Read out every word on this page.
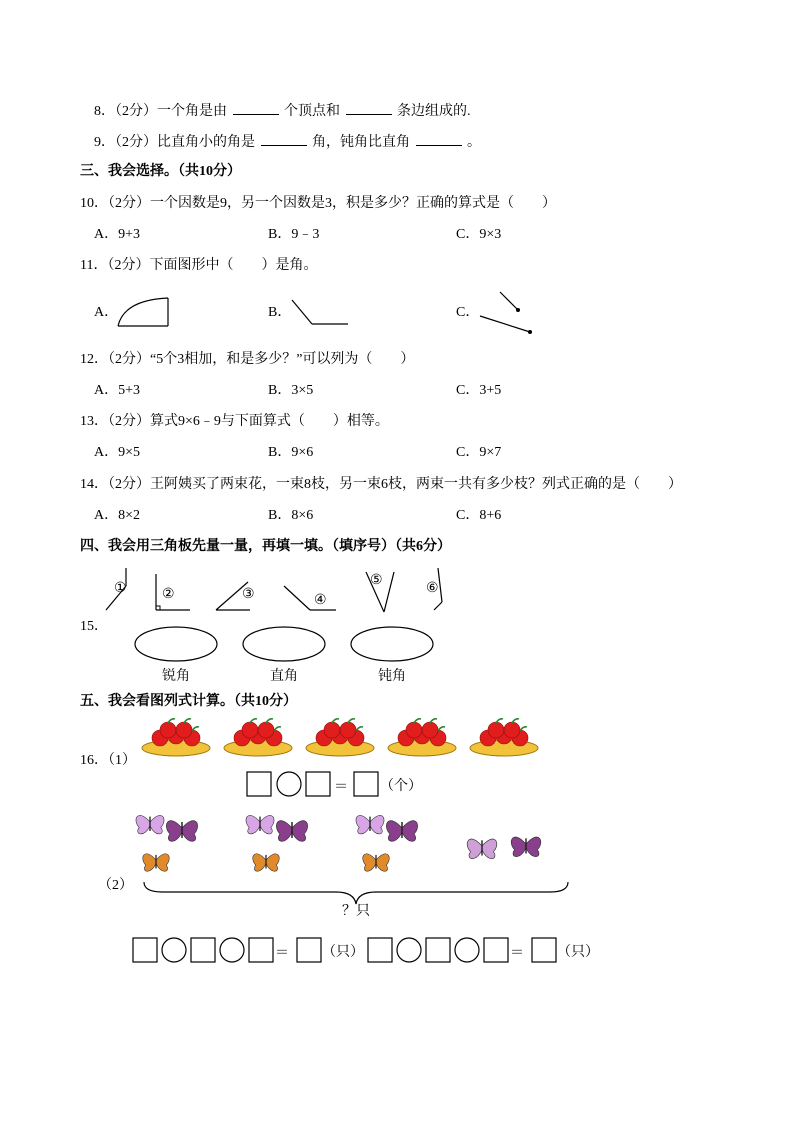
8．（2分）一个角是由	个顶点和	条边组成的.
9．（2分）比直角小的角是	角，钝角比直角	。
三、我会选择。（共10分）
10．（2分）一个因数是9，另一个因数是3，积是多少？正确的算式是（　　）
A．9+3	B．9﹣3	C．9×3
11．（2分）下面图形中（　　）是角。
A．	B．	C．
12．（2分）“5个3相加，和是多少？”可以列为（　　）
A．5+3	B．3×5	C．3+5
13．（2分）算式9×6﹣9与下面算式（　　）相等。
A．9×5	B．9×6	C．9×7
14．（2分）王阿姨买了两束花，一束8枝，另一束6枝，两束一共有多少枝？列式正确的是（　　）
A．8×2	B．8×6	C．8+6
四、我会用三角板先量一量，再填一填。（填序号）（共6分）
15．
①	②	③	④
⑤
⑥
锐角	直角	钝角
五、我会看图列式计算。（共10分）
16．（1）
＝ （个）
（2）
？只
＝ （只）	＝ （只）
